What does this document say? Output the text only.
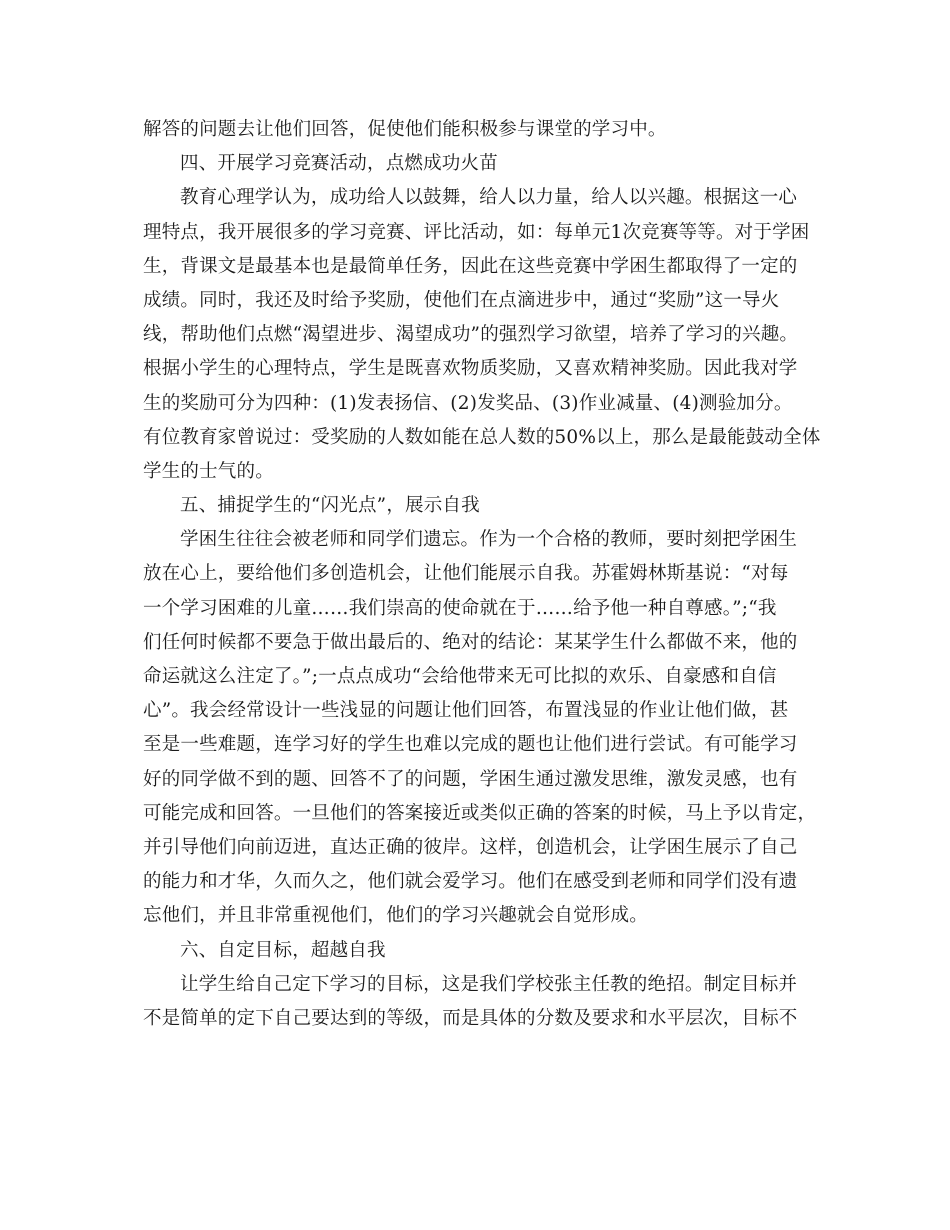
解答的问题去让他们回答，促使他们能积极参与课堂的学习中。
四、开展学习竞赛活动，点燃成功火苗
教育心理学认为，成功给人以鼓舞，给人以力量，给人以兴趣。根据这一心
理特点，我开展很多的学习竞赛、评比活动，如：每单元1次竞赛等等。对于学困
生，背课文是最基本也是最简单任务，因此在这些竞赛中学困生都取得了一定的
成绩。同时，我还及时给予奖励，使他们在点滴进步中，通过“奖励”这一导火
线，帮助他们点燃“渴望进步、渴望成功”的强烈学习欲望，培养了学习的兴趣。
根据小学生的心理特点，学生是既喜欢物质奖励，又喜欢精神奖励。因此我对学
生的奖励可分为四种：(1)发表扬信、(2)发奖品、(3)作业减量、(4)测验加分。
有位教育家曾说过：受奖励的人数如能在总人数的50%以上，那么是最能鼓动全体
学生的士气的。
五、捕捉学生的“闪光点”，展示自我
学困生往往会被老师和同学们遗忘。作为一个合格的教师，要时刻把学困生
放在心上，要给他们多创造机会，让他们能展示自我。苏霍姆林斯基说：“对每
一个学习困难的儿童……我们崇高的使命就在于……给予他一种自尊感。”;“我
们任何时候都不要急于做出最后的、绝对的结论：某某学生什么都做不来，他的
命运就这么注定了。”;一点点成功“会给他带来无可比拟的欢乐、自豪感和自信
心”。我会经常设计一些浅显的问题让他们回答，布置浅显的作业让他们做，甚
至是一些难题，连学习好的学生也难以完成的题也让他们进行尝试。有可能学习
好的同学做不到的题、回答不了的问题，学困生通过激发思维，激发灵感，也有
可能完成和回答。一旦他们的答案接近或类似正确的答案的时候，马上予以肯定，
并引导他们向前迈进，直达正确的彼岸。这样，创造机会，让学困生展示了自己
的能力和才华，久而久之，他们就会爱学习。他们在感受到老师和同学们没有遗
忘他们，并且非常重视他们，他们的学习兴趣就会自觉形成。
六、自定目标，超越自我
让学生给自己定下学习的目标，这是我们学校张主任教的绝招。制定目标并
不是简单的定下自己要达到的等级，而是具体的分数及要求和水平层次，目标不
